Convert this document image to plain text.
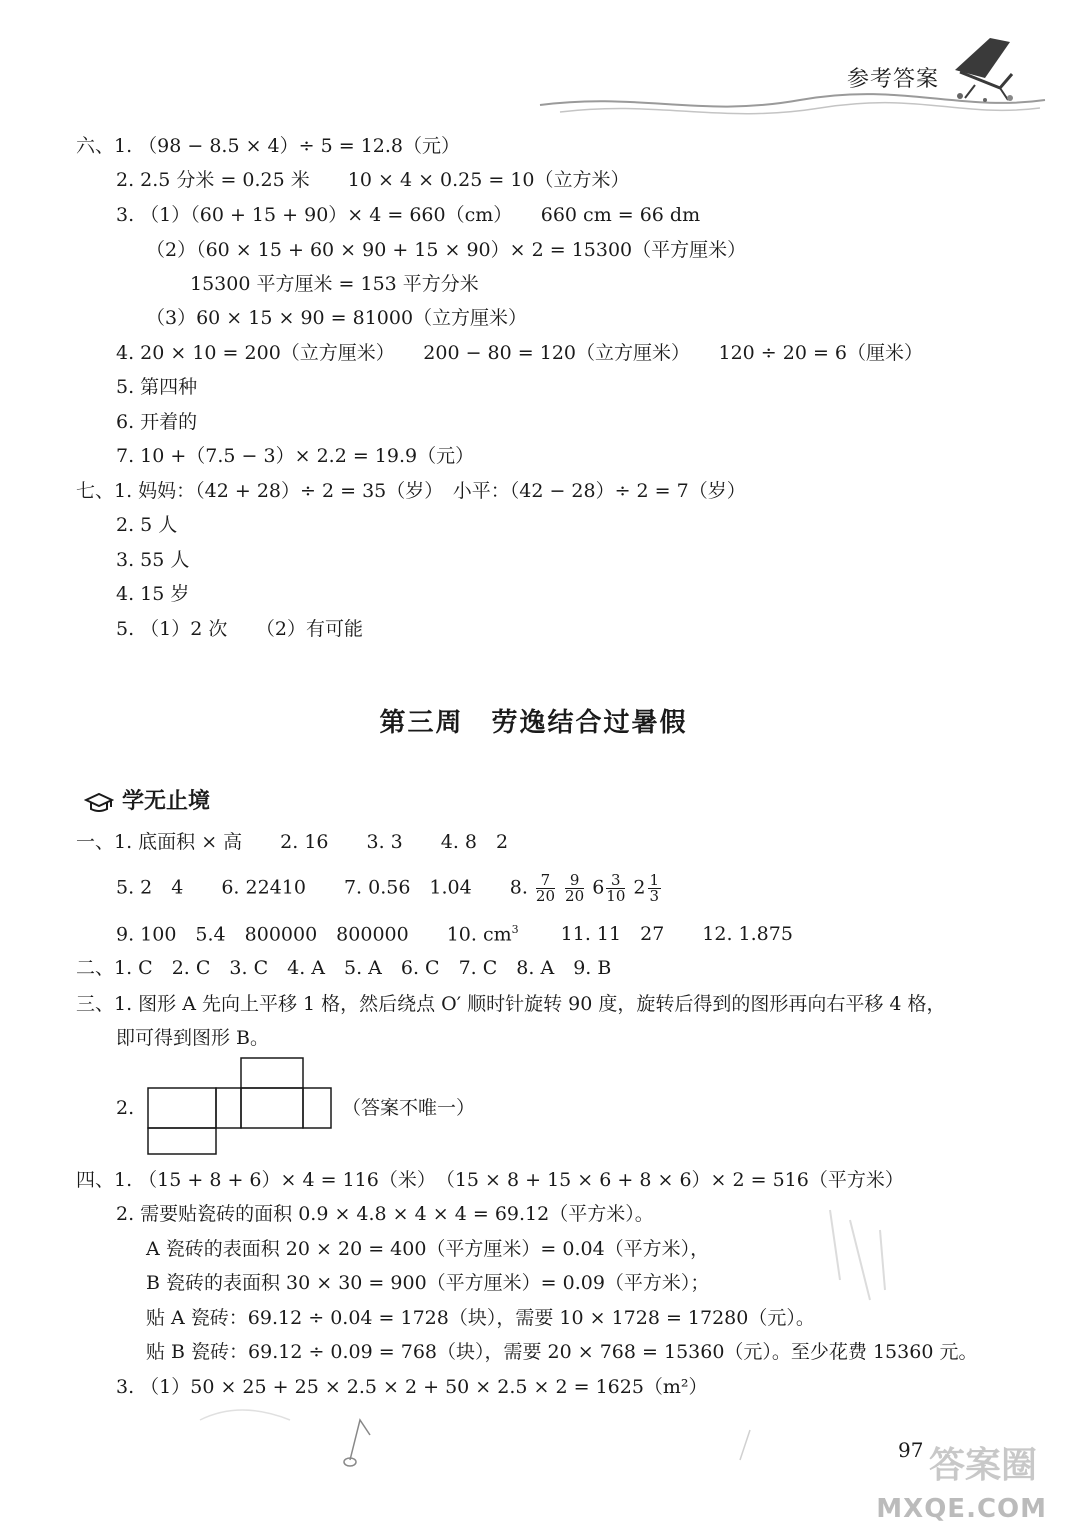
参考答案
六、1. （98 − 8.5 × 4）÷ 5 = 12.8（元）
2. 2.5 分米 = 0.25 米　　10 × 4 × 0.25 = 10（立方米）
3. （1）（60 + 15 + 90）× 4 = 660（cm）　　660 cm = 66 dm
（2）（60 × 15 + 60 × 90 + 15 × 90）× 2 = 15300（平方厘米）
15300 平方厘米 = 153 平方分米
（3）60 × 15 × 90 = 81000（立方厘米）
4. 20 × 10 = 200（立方厘米）　　200 − 80 = 120（立方厘米）　　120 ÷ 20 = 6（厘米）
5. 第四种
6. 开着的
7. 10 +（7.5 − 3）× 2.2 = 19.9（元）
七、1. 妈妈：（42 + 28）÷ 2 = 35（岁）　小平：（42 − 28）÷ 2 = 7（岁）
2. 5 人
3. 55 人
4. 15 岁
5. （1）2 次　　（2）有可能
第三周　劳逸结合过暑假
学无止境
一、1. 底面积 × 高　　2. 16　　3. 3　　4. 8　2
5. 2　4　　6. 22410　　7. 0.56　1.04　　8. $\frac{7}{20}$
$\frac{9}{20} 6 \frac{3}{10} 2 \frac{1}{3}$
9. 100　5.4　800000　800000　　10. $cm^3$ 11. 11　27　　12. 1.875
二、1. C　2. C　3. C　4. A　5. A　6. C　7. C　8. A　9. B
三、1. 图形 A 先向上平移 1 格，然后绕点 O′ 顺时针旋转 90 度，旋转后得到的图形再向右平移 4 格，
即可得到图形 B。
2.	（答案不唯一）
四、1. （15 + 8 + 6）× 4 = 116（米）　（15 × 8 + 15 × 6 + 8 × 6）× 2 = 516（平方米）
2. 需要贴瓷砖的面积 0.9 × 4.8 × 4 × 4 = 69.12（平方米）。
A 瓷砖的表面积 20 × 20 = 400（平方厘米）= 0.04（平方米），
B 瓷砖的表面积 30 × 30 = 900（平方厘米）= 0.09（平方米）；
贴 A 瓷砖：69.12 ÷ 0.04 = 1728（块），需要 10 × 1728 = 17280（元）。
贴 B 瓷砖：69.12 ÷ 0.09 = 768（块），需要 20 × 768 = 15360（元）。至少花费 15360 元。
3. （1）50 × 25 + 25 × 2.5 × 2 + 50 × 2.5 × 2 = 1625（m²）
97 答案圈
MXQE.COM
